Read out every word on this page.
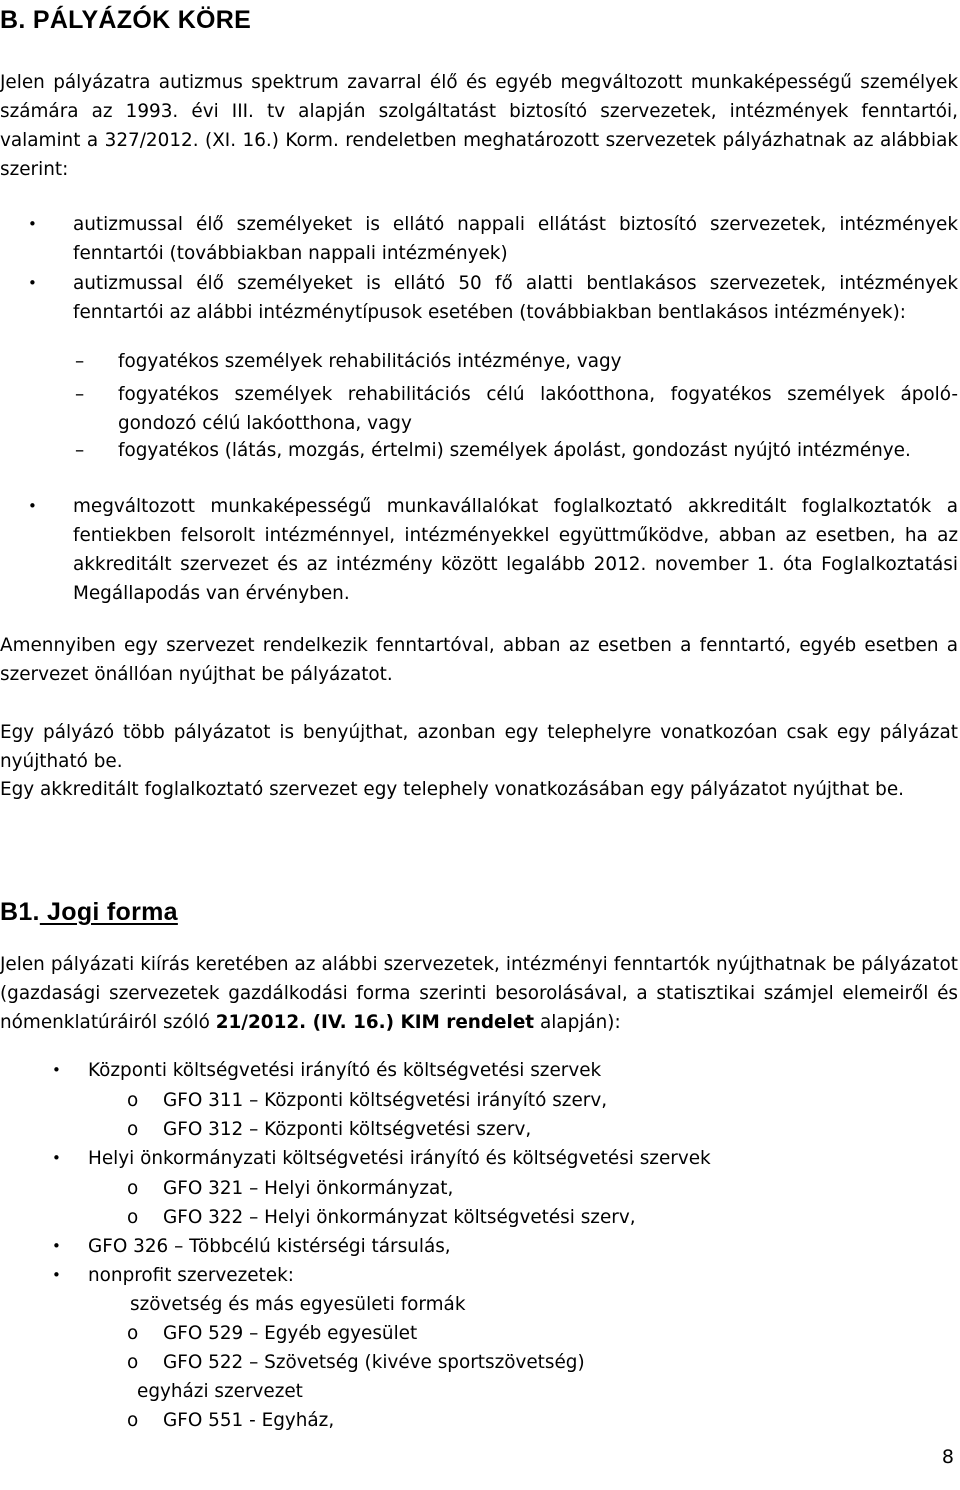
B. PÁLYÁZÓK KÖRE

Jelen pályázatra autizmus spektrum zavarral élő és egyéb megváltozott munkaképességű személyek számára az 1993. évi III. tv alapján szolgáltatást biztosító szervezetek, intézmények fenntartói, valamint a 327/2012. (XI. 16.) Korm. rendeletben meghatározott szervezetek pályázhatnak az alábbiak szerint:

• autizmussal élő személyeket is ellátó nappali ellátást biztosító szervezetek, intézmények fenntartói (továbbiakban nappali intézmények)

• autizmussal élő személyeket is ellátó 50 fő alatti bentlakásos szervezetek, intézmények fenntartói az alábbi intézménytípusok esetében (továbbiakban bentlakásos intézmények):

–	fogyatékos személyek rehabilitációs intézménye, vagy

–	fogyatékos személyek rehabilitációs célú lakóotthona, fogyatékos személyek ápoló-gondozó célú lakóotthona, vagy

–	fogyatékos (látás, mozgás, értelmi) személyek ápolást, gondozást nyújtó intézménye.

• megváltozott munkaképességű munkavállalókat foglalkoztató akkreditált foglalkoztatók a fentiekben felsorolt intézménnyel, intézményekkel együttműködve, abban az esetben, ha az akkreditált szervezet és az intézmény között legalább 2012. november 1. óta Foglalkoztatási Megállapodás van érvényben.

Amennyiben egy szervezet rendelkezik fenntartóval, abban az esetben a fenntartó, egyéb esetben a szervezet önállóan nyújthat be pályázatot.

Egy pályázó több pályázatot is benyújthat, azonban egy telephelyre vonatkozóan csak egy pályázat nyújtható be.

Egy akkreditált foglalkoztató szervezet egy telephely vonatkozásában egy pályázatot nyújthat be.

B1. Jogi forma

Jelen pályázati kiírás keretében az alábbi szervezetek, intézményi fenntartók nyújthatnak be pályázatot (gazdasági szervezetek gazdálkodási forma szerinti besorolásával, a statisztikai számjel elemeiről és nómenklatúráiról szóló 21/2012. (IV. 16.) KIM rendelet alapján):

• Központi költségvetési irányító és költségvetési szervek
o GFO 311 – Központi költségvetési irányító szerv,
o GFO 312 – Központi költségvetési szerv,
• Helyi önkormányzati költségvetési irányító és költségvetési szervek
o GFO 321 – Helyi önkormányzat,
o GFO 322 – Helyi önkormányzat költségvetési szerv,
• GFO 326 – Többcélú kistérségi társulás,
• nonprofit szervezetek:
szövetség és más egyesületi formák
o GFO 529 – Egyéb egyesület
o GFO 522 – Szövetség (kivéve sportszövetség)
egyházi szervezet
o GFO 551 - Egyház,
8
